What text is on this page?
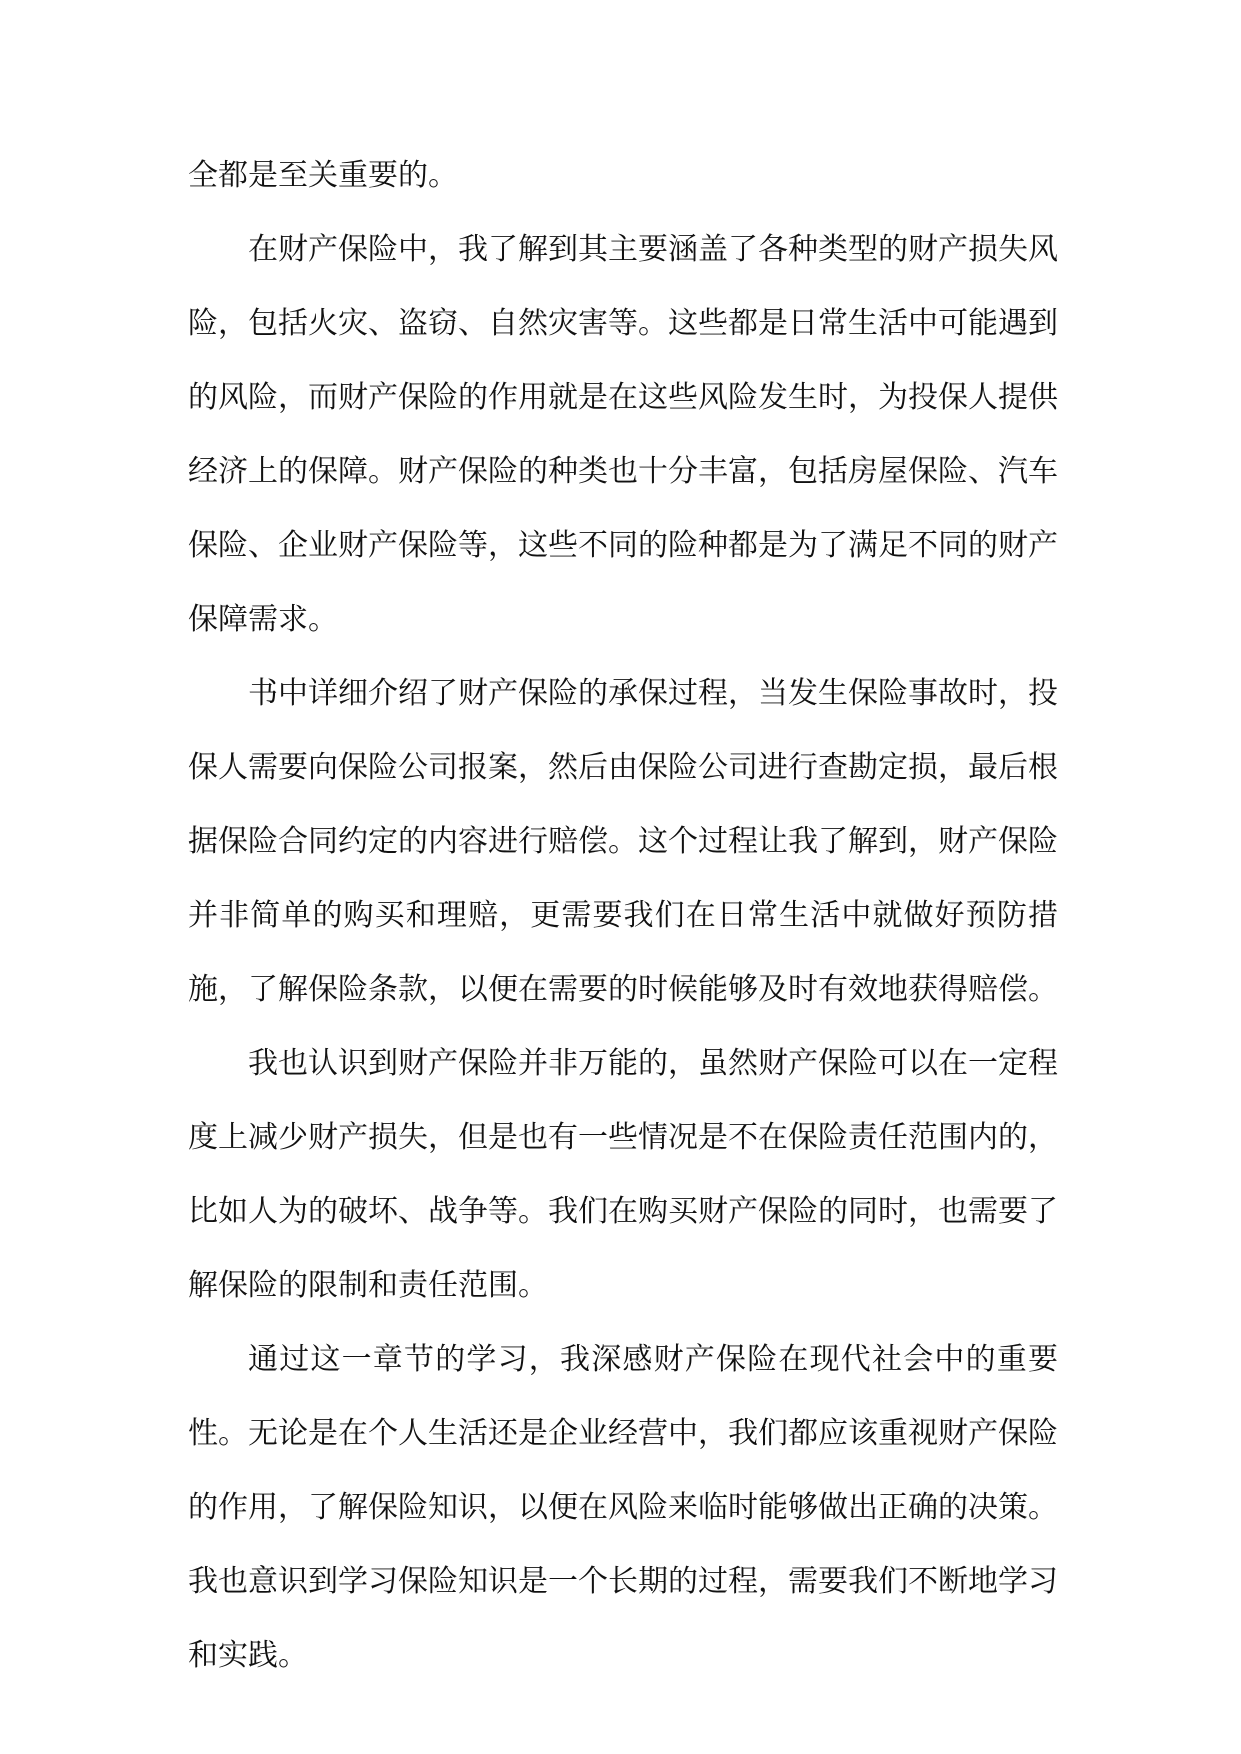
全都是至关重要的。

在财产保险中，我了解到其主要涵盖了各种类型的财产损失风险，包括火灾、盗窃、自然灾害等。这些都是日常生活中可能遇到的风险，而财产保险的作用就是在这些风险发生时，为投保人提供经济上的保障。财产保险的种类也十分丰富，包括房屋保险、汽车保险、企业财产保险等，这些不同的险种都是为了满足不同的财产保障需求。

书中详细介绍了财产保险的承保过程，当发生保险事故时，投保人需要向保险公司报案，然后由保险公司进行查勘定损，最后根据保险合同约定的内容进行赔偿。这个过程让我了解到，财产保险并非简单的购买和理赔，更需要我们在日常生活中就做好预防措施，了解保险条款，以便在需要的时候能够及时有效地获得赔偿。

我也认识到财产保险并非万能的，虽然财产保险可以在一定程度上减少财产损失，但是也有一些情况是不在保险责任范围内的，比如人为的破坏、战争等。我们在购买财产保险的同时，也需要了解保险的限制和责任范围。

通过这一章节的学习，我深感财产保险在现代社会中的重要性。无论是在个人生活还是企业经营中，我们都应该重视财产保险的作用，了解保险知识，以便在风险来临时能够做出正确的决策。我也意识到学习保险知识是一个长期的过程，需要我们不断地学习和实践。
